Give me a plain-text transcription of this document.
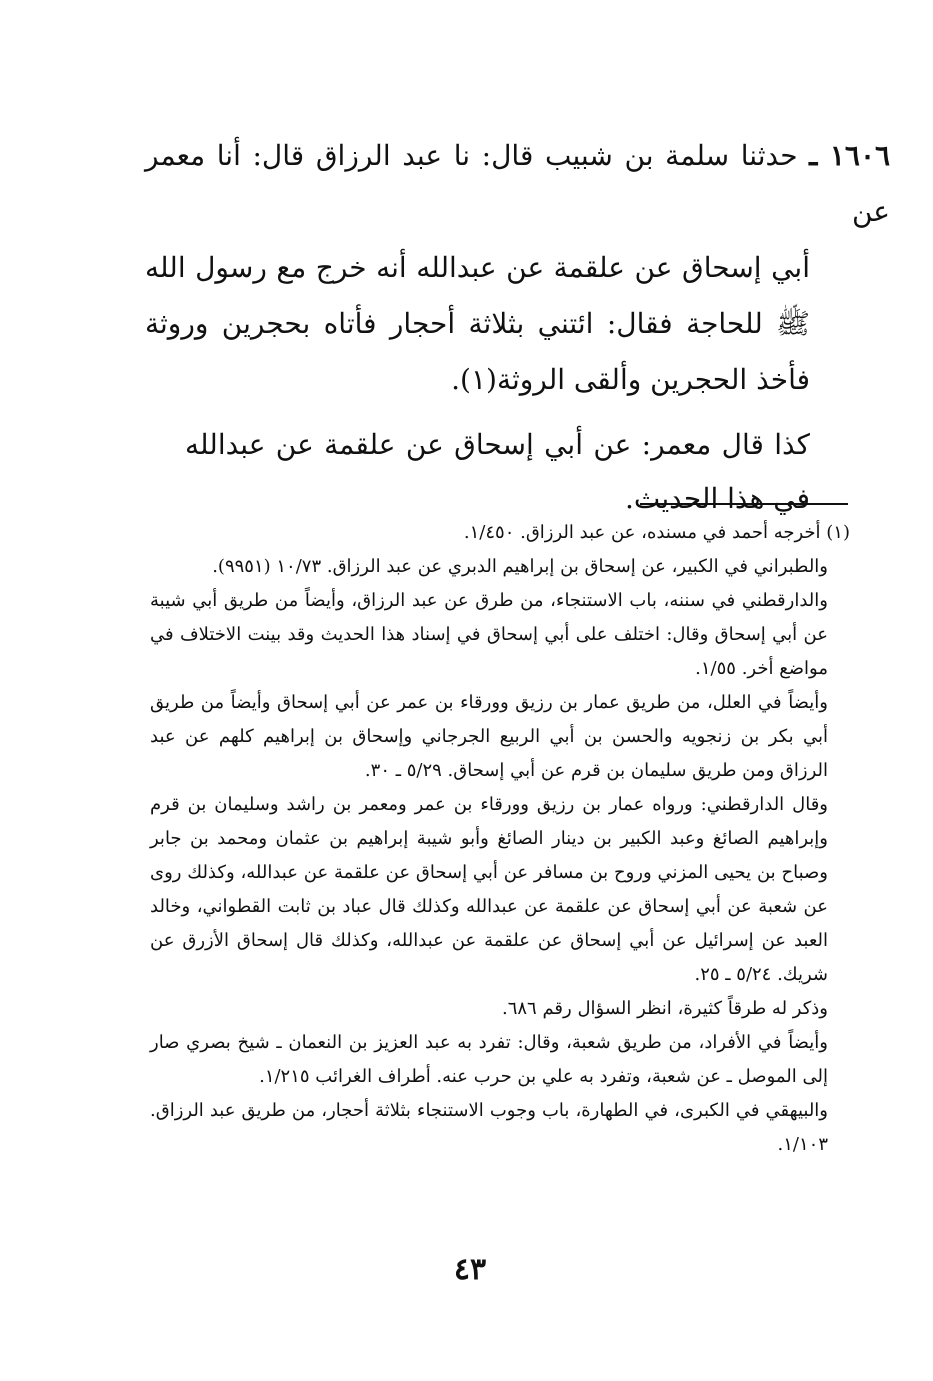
١٦٠٦ ـ حدثنا سلمة بن شبيب قال: نا عبد الرزاق قال: أنا معمر عن
أبي إسحاق عن علقمة عن عبدالله أنه خرج مع رسول الله ﷺ للحاجة فقال: ائتني بثلاثة أحجار فأتاه بحجرين وروثة فأخذ الحجرين وألقى الروثة(١).

كذا قال معمر: عن أبي إسحاق عن علقمة عن عبدالله في هذا الحديث.

(١) أخرجه أحمد في مسنده، عن عبد الرزاق. ١/٤٥٠.

والطبراني في الكبير، عن إسحاق بن إبراهيم الدبري عن عبد الرزاق. ١٠/٧٣ (٩٩٥١).

والدارقطني في سننه، باب الاستنجاء، من طرق عن عبد الرزاق، وأيضاً من طريق أبي شيبة عن أبي إسحاق وقال: اختلف على أبي إسحاق في إسناد هذا الحديث وقد بينت الاختلاف في مواضع أخر. ١/٥٥.

وأيضاً في العلل، من طريق عمار بن رزيق وورقاء بن عمر عن أبي إسحاق وأيضاً من طريق أبي بكر بن زنجويه والحسن بن أبي الربيع الجرجاني وإسحاق بن إبراهيم كلهم عن عبد الرزاق ومن طريق سليمان بن قرم عن أبي إسحاق. ٥/٢٩ ـ ٣٠.

وقال الدارقطني: ورواه عمار بن رزيق وورقاء بن عمر ومعمر بن راشد وسليمان بن قرم وإبراهيم الصائغ وعبد الكبير بن دينار الصائغ وأبو شيبة إبراهيم بن عثمان ومحمد بن جابر وصباح بن يحيى المزني وروح بن مسافر عن أبي إسحاق عن علقمة عن عبدالله، وكذلك روى عن شعبة عن أبي إسحاق عن علقمة عن عبدالله وكذلك قال عباد بن ثابت القطواني، وخالد العبد عن إسرائيل عن أبي إسحاق عن علقمة عن عبدالله، وكذلك قال إسحاق الأزرق عن شريك. ٥/٢٤ ـ ٢٥.

وذكر له طرقاً كثيرة، انظر السؤال رقم ٦٨٦.

وأيضاً في الأفراد، من طريق شعبة، وقال: تفرد به عبد العزيز بن النعمان ـ شيخ بصري صار إلى الموصل ـ عن شعبة، وتفرد به علي بن حرب عنه. أطراف الغرائب ١/٢١٥.

والبيهقي في الكبرى، في الطهارة، باب وجوب الاستنجاء بثلاثة أحجار، من طريق عبد الرزاق. ١/١٠٣.

٤٣
